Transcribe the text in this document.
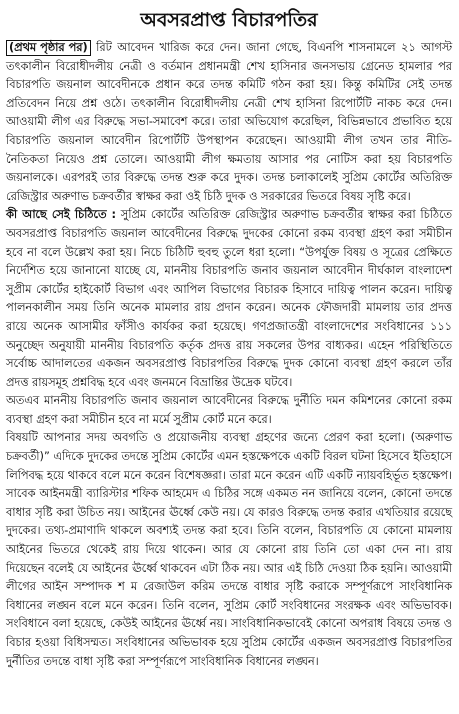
অবসরপ্রাপ্ত বিচারপতির

(প্রথম পৃষ্ঠার পর) রিট আবেদন খারিজ করে দেন। জানা গেছে, বিএনপি শাসনামলে ২১ আগস্ট তৎকালীন বিরোধীদলীয় নেত্রী ও বর্তমান প্রধানমন্ত্রী শেখ হাসিনার জনসভায় গ্রেনেড হামলার পর বিচারপতি জয়নাল আবেদীনকে প্রধান করে তদন্ত কমিটি গঠন করা হয়। কিন্তু কমিটির সেই তদন্ত প্রতিবেদন নিয়ে প্রশ্ন ওঠে। তৎকালীন বিরোধীদলীয় নেত্রী শেখ হাসিনা রিপোর্টটি নাকচ করে দেন। আওয়ামী লীগ এর বিরুদ্ধে সভা-সমাবেশ করে। তারা অভিযোগ করেছিল, বিভিন্নভাবে প্রভাবিত হয়ে বিচারপতি জয়নাল আবেদীন রিপোর্টটি উপস্থাপন করেছেন। আওয়ামী লীগ তখন তার নীতি-নৈতিকতা নিয়েও প্রশ্ন তোলে। আওয়ামী লীগ ক্ষমতায় আসার পর নোটিস করা হয় বিচারপতি জয়নালকে। এরপরই তার বিরুদ্ধে তদন্ত শুরু করে দুদক। তদন্ত চলাকালেই সুপ্রিম কোর্টের অতিরিক্ত রেজিস্ট্রার অরুণাভ চক্রবর্তীর স্বাক্ষর করা ওই চিঠি দুদক ও সরকারের ভিতরে বিষয় সৃষ্টি করে।

কী আছে সেই চিঠিতে : সুপ্রিম কোর্টের অতিরিক্ত রেজিস্ট্রার অরুণাভ চক্রবর্তীর স্বাক্ষর করা চিঠিতে অবসরপ্রাপ্ত বিচারপতি জয়নাল আবেদীনের বিরুদ্ধে দুদকের কোনো রকম ব্যবস্থা গ্রহণ করা সমীচীন হবে না বলে উল্লেখ করা হয়। নিচে চিঠিটি হুবহু তুলে ধরা হলো। “উপর্যুক্ত বিষয় ও সূত্রের প্রেক্ষিতে নির্দেশিত হয়ে জানানো যাচ্ছে যে, মাননীয় বিচারপতি জনাব জয়নাল আবেদীন দীর্ঘকাল বাংলাদেশ সুপ্রীম কোর্টের হাইকোর্ট বিভাগ এবং আপিল বিভাগের বিচারক হিসাবে দায়িত্ব পালন করেন। দায়িত্ব পালনকালীন সময় তিনি অনেক মামলার রায় প্রদান করেন। অনেক ফৌজদারী মামলায় তার প্রদত্ত রায়ে অনেক আসামীর ফাঁসীও কার্যকর করা হয়েছে। গণপ্রজাতন্ত্রী বাংলাদেশের সংবিধানের ১১১ অনুচ্ছেদ অনুযায়ী মাননীয় বিচারপতি কর্তৃক প্রদত্ত রায় সকলের উপর বাধ্যকর। এহেন পরিস্থিতিতে সর্বোচ্চ আদালতের একজন অবসরপ্রাপ্ত বিচারপতির বিরুদ্ধে দুদক কোনো ব্যবস্থা গ্রহণ করলে তাঁর প্রদত্ত রায়সমূহ প্রশ্নবিদ্ধ হবে এবং জনমনে বিভ্রান্তির উদ্রেক ঘটবে।

অতএব মাননীয় বিচারপতি জনাব জয়নাল আবেদীনের বিরুদ্ধে দুর্নীতি দমন কমিশনের কোনো রকম ব্যবস্থা গ্রহণ করা সমীচীন হবে না মর্মে সুপ্রীম কোর্ট মনে করে।

বিষয়টি আপনার সদয় অবগতি ও প্রয়োজনীয় ব্যবস্থা গ্রহণের জন্যে প্রেরণ করা হলো। (অরুণাভ চক্রবর্তী)” এদিকে দুদকের তদন্তে সুপ্রিম কোর্টের এমন হস্তক্ষেপকে একটি বিরল ঘটনা হিসেবে ইতিহাসে লিপিবদ্ধ হয়ে থাকবে বলে মনে করেন বিশেষজ্ঞরা। তারা মনে করেন এটি একটি ন্যায়বহির্ভূত হস্তক্ষেপ। সাবেক আইনমন্ত্রী ব্যারিস্টার শফিক আহমেদ এ চিঠির সঙ্গে একমত নন জানিয়ে বলেন, কোনো তদন্তে বাধার সৃষ্টি করা উচিত নয়। আইনের ঊর্ধ্বে কেউ নয়। যে কারও বিরুদ্ধে তদন্ত করার এখতিয়ার রয়েছে দুদকের। তথ্য-প্রমাণাদি থাকলে অবশ্যই তদন্ত করা হবে। তিনি বলেন, বিচারপতি যে কোনো মামলায় আইনের ভিতরে থেকেই রায় দিয়ে থাকেন। আর যে কোনো রায় তিনি তো একা দেন না। রায় দিয়েছেন বলেই যে আইনের ঊর্ধ্বে থাকবেন এটা ঠিক নয়। আর এই চিঠি দেওয়া ঠিক হয়নি। আওয়ামী লীগের আইন সম্পাদক শ ম রেজাউল করিম তদন্তে বাধার সৃষ্টি করাকে সম্পূর্ণরূপে সাংবিধানিক বিধানের লঙ্ঘন বলে মনে করেন। তিনি বলেন, সুপ্রিম কোর্ট সংবিধানের সংরক্ষক এবং অভিভাবক। সংবিধানে বলা হয়েছে, কেউই আইনের ঊর্ধ্বে নয়। সাংবিধানিকভাবেই কোনো অপরাধ বিষয়ে তদন্ত ও বিচার হওয়া বিধিসম্মত। সংবিধানের অভিভাবক হয়ে সুপ্রিম কোর্টের একজন অবসরপ্রাপ্ত বিচারপতির দুর্নীতির তদন্তে বাধা সৃষ্টি করা সম্পূর্ণরূপে সাংবিধানিক বিধানের লঙ্ঘন।
